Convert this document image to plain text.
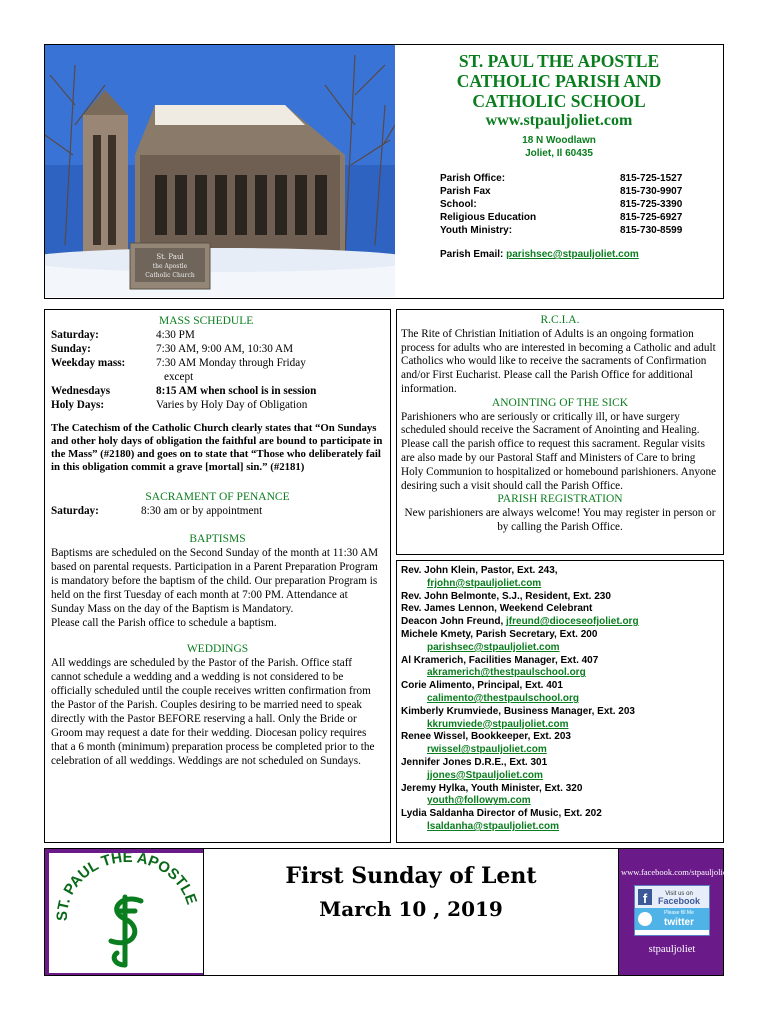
St. Paul
the Apostle
Catholic Church
ST. PAUL THE APOSTLE
CATHOLIC PARISH AND
CATHOLIC SCHOOL
www.stpauljoliet.com
18 N Woodlawn
Joliet, Il 60435
Parish Office:	815-725-1527
Parish Fax	815-730-9907
School:	815-725-3390
Religious Education	815-725-6927
Youth Ministry:	815-730-8599
Parish Email: parishsec@stpauljoliet.com
MASS SCHEDULE
Saturday:	4:30 PM
Sunday:	7:30 AM, 9:00 AM, 10:30 AM
Weekday mass:	7:30 AM Monday through Friday
except
Wednesdays	8:15 AM when school is in session
Holy Days:	Varies by Holy Day of Obligation
The Catechism of the Catholic Church clearly states that “On Sundays and other holy days of obligation the faithful are bound to participate in the Mass” (#2180) and goes on to state that “Those who deliberately fail in this obligation commit a grave [mortal] sin.” (#2181)
SACRAMENT OF PENANCE
Saturday:	8:30 am or by appointment
BAPTISMS
Baptisms are scheduled on the Second Sunday of the month at 11:30 AM based on parental requests. Participation in a Parent Preparation Program is mandatory before the baptism of the child. Our preparation Program is held on the first Tuesday of each month at 7:00 PM. Attendance at Sunday Mass on the day of the Baptism is Mandatory.
Please call the Parish office to schedule a baptism.
WEDDINGS
All weddings are scheduled by the Pastor of the Parish. Office staff cannot schedule a wedding and a wedding is not considered to be officially scheduled until the couple receives written confirmation from the Pastor of the Parish. Couples desiring to be married need to speak directly with the Pastor BEFORE reserving a hall. Only the Bride or Groom may request a date for their wedding. Diocesan policy requires that a 6 month (minimum) preparation process be completed prior to the celebration of all weddings. Weddings are not scheduled on Sundays.
R.C.I.A.
The Rite of Christian Initiation of Adults is an ongoing formation process for adults who are interested in becoming a Catholic and adult Catholics who would like to receive the sacraments of Confirmation and/or First Eucharist. Please call the Parish Office for additional information.
ANOINTING OF THE SICK
Parishioners who are seriously or critically ill, or have surgery scheduled should receive the Sacrament of Anointing and Healing. Please call the parish office to request this sacrament. Regular visits are also made by our Pastoral Staff and Ministers of Care to bring Holy Communion to hospitalized or homebound parishioners. Anyone desiring such a visit should call the Parish Office.
PARISH REGISTRATION
New parishioners are always welcome! You may register in person or by calling the Parish Office.
Rev. John Klein, Pastor, Ext. 243,
frjohn@stpauljoliet.com
Rev. John Belmonte, S.J., Resident, Ext. 230
Rev. James Lennon, Weekend Celebrant
Deacon John Freund, jfreund@dioceseofjoliet.org
Michele Kmety, Parish Secretary, Ext. 200
parishsec@stpauljoliet.com
Al Kramerich, Facilities Manager, Ext. 407
akramerich@thestpaulschool.org
Corie Alimento, Principal, Ext. 401
calimento@thestpaulschool.org
Kimberly Krumviede, Business Manager, Ext. 203
kkrumviede@stpauljoliet.com
Renee Wissel, Bookkeeper, Ext. 203
rwissel@stpauljoliet.com
Jennifer Jones D.R.E., Ext. 301
jjones@Stpauljoliet.com
Jeremy Hylka, Youth Minister, Ext. 320
youth@followym.com
Lydia Saldanha Director of Music, Ext. 202
lsaldanha@stpauljoliet.com
ST. PAUL THE APOSTLE
First Sunday of Lent
March 10 , 2019
www.facebook.com/stpauljoliet
f	Visit us on
Facebook
Please fill Me
twitter
stpauljoliet
